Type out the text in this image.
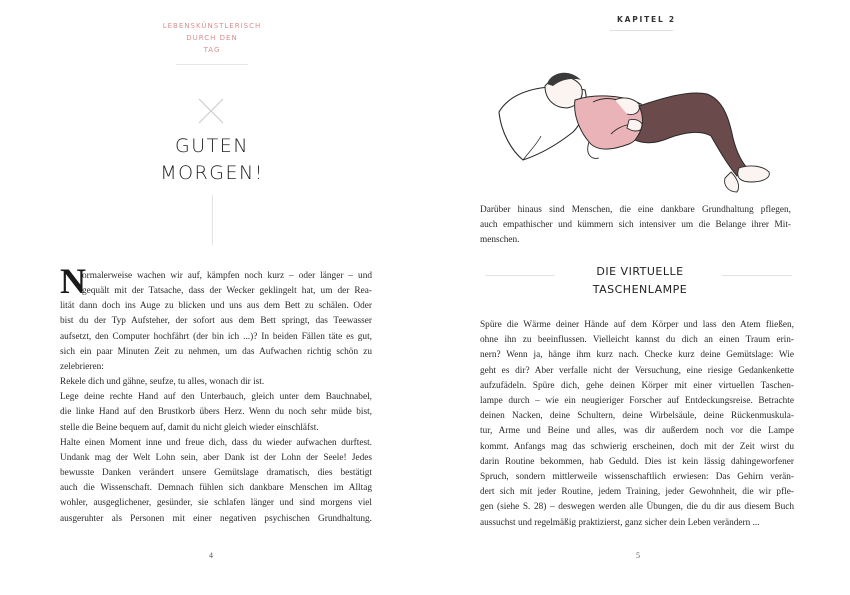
LEBENSKÜNSTLERISCH
DURCH DEN
TAG
GUTEN
MORGEN!
N
ormalerweise wachen wir auf, kämpfen noch kurz – oder länger – und
gequält mit der Tatsache, dass der Wecker geklingelt hat, um der Rea-
lität dann doch ins Auge zu blicken und uns aus dem Bett zu schälen. Oder
bist du der Typ Aufsteher, der sofort aus dem Bett springt, das Teewasser
aufsetzt, den Computer hochfährt (der bin ich ...)? In beiden Fällen täte es gut,
sich ein paar Minuten Zeit zu nehmen, um das Aufwachen richtig schön zu
zelebrieren:
Rekele dich und gähne, seufze, tu alles, wonach dir ist.
Lege deine rechte Hand auf den Unterbauch, gleich unter dem Bauchnabel,
die linke Hand auf den Brustkorb übers Herz. Wenn du noch sehr müde bist,
stelle die Beine bequem auf, damit du nicht gleich wieder einschläfst.
Halte einen Moment inne und freue dich, dass du wieder aufwachen durftest.
Undank mag der Welt Lohn sein, aber Dank ist der Lohn der Seele! Jedes
bewusste Danken verändert unsere Gemütslage dramatisch, dies bestätigt
auch die Wissenschaft. Demnach fühlen sich dankbare Menschen im Alltag
wohler, ausgeglichener, gesünder, sie schlafen länger und sind morgens viel
ausgeruhter als Personen mit einer negativen psychischen Grundhaltung.
4
KAPITEL 2
Darüber hinaus sind Menschen, die eine dankbare Grundhaltung pflegen,
auch empathischer und kümmern sich intensiver um die Belange ihrer Mit-
menschen.
DIE VIRTUELLE
TASCHENLAMPE
Spüre die Wärme deiner Hände auf dem Körper und lass den Atem fließen,
ohne ihn zu beeinflussen. Vielleicht kannst du dich an einen Traum erin-
nern? Wenn ja, hänge ihm kurz nach. Checke kurz deine Gemütslage: Wie
geht es dir? Aber verfalle nicht der Versuchung, eine riesige Gedankenkette
aufzufädeln. Spüre dich, gehe deinen Körper mit einer virtuellen Taschen-
lampe durch – wie ein neugieriger Forscher auf Entdeckungsreise. Betrachte
deinen Nacken, deine Schultern, deine Wirbelsäule, deine Rückenmuskula-
tur, Arme und Beine und alles, was dir außerdem noch vor die Lampe
kommt. Anfangs mag das schwierig erscheinen, doch mit der Zeit wirst du
darin Routine bekommen, hab Geduld. Dies ist kein lässig dahingeworfener
Spruch, sondern mittlerweile wissenschaftlich erwiesen: Das Gehirn verän-
dert sich mit jeder Routine, jedem Training, jeder Gewohnheit, die wir pfle-
gen (siehe S. 28) – deswegen werden alle Übungen, die du dir aus diesem Buch
aussuchst und regelmäßig praktizierst, ganz sicher dein Leben verändern ...
5
